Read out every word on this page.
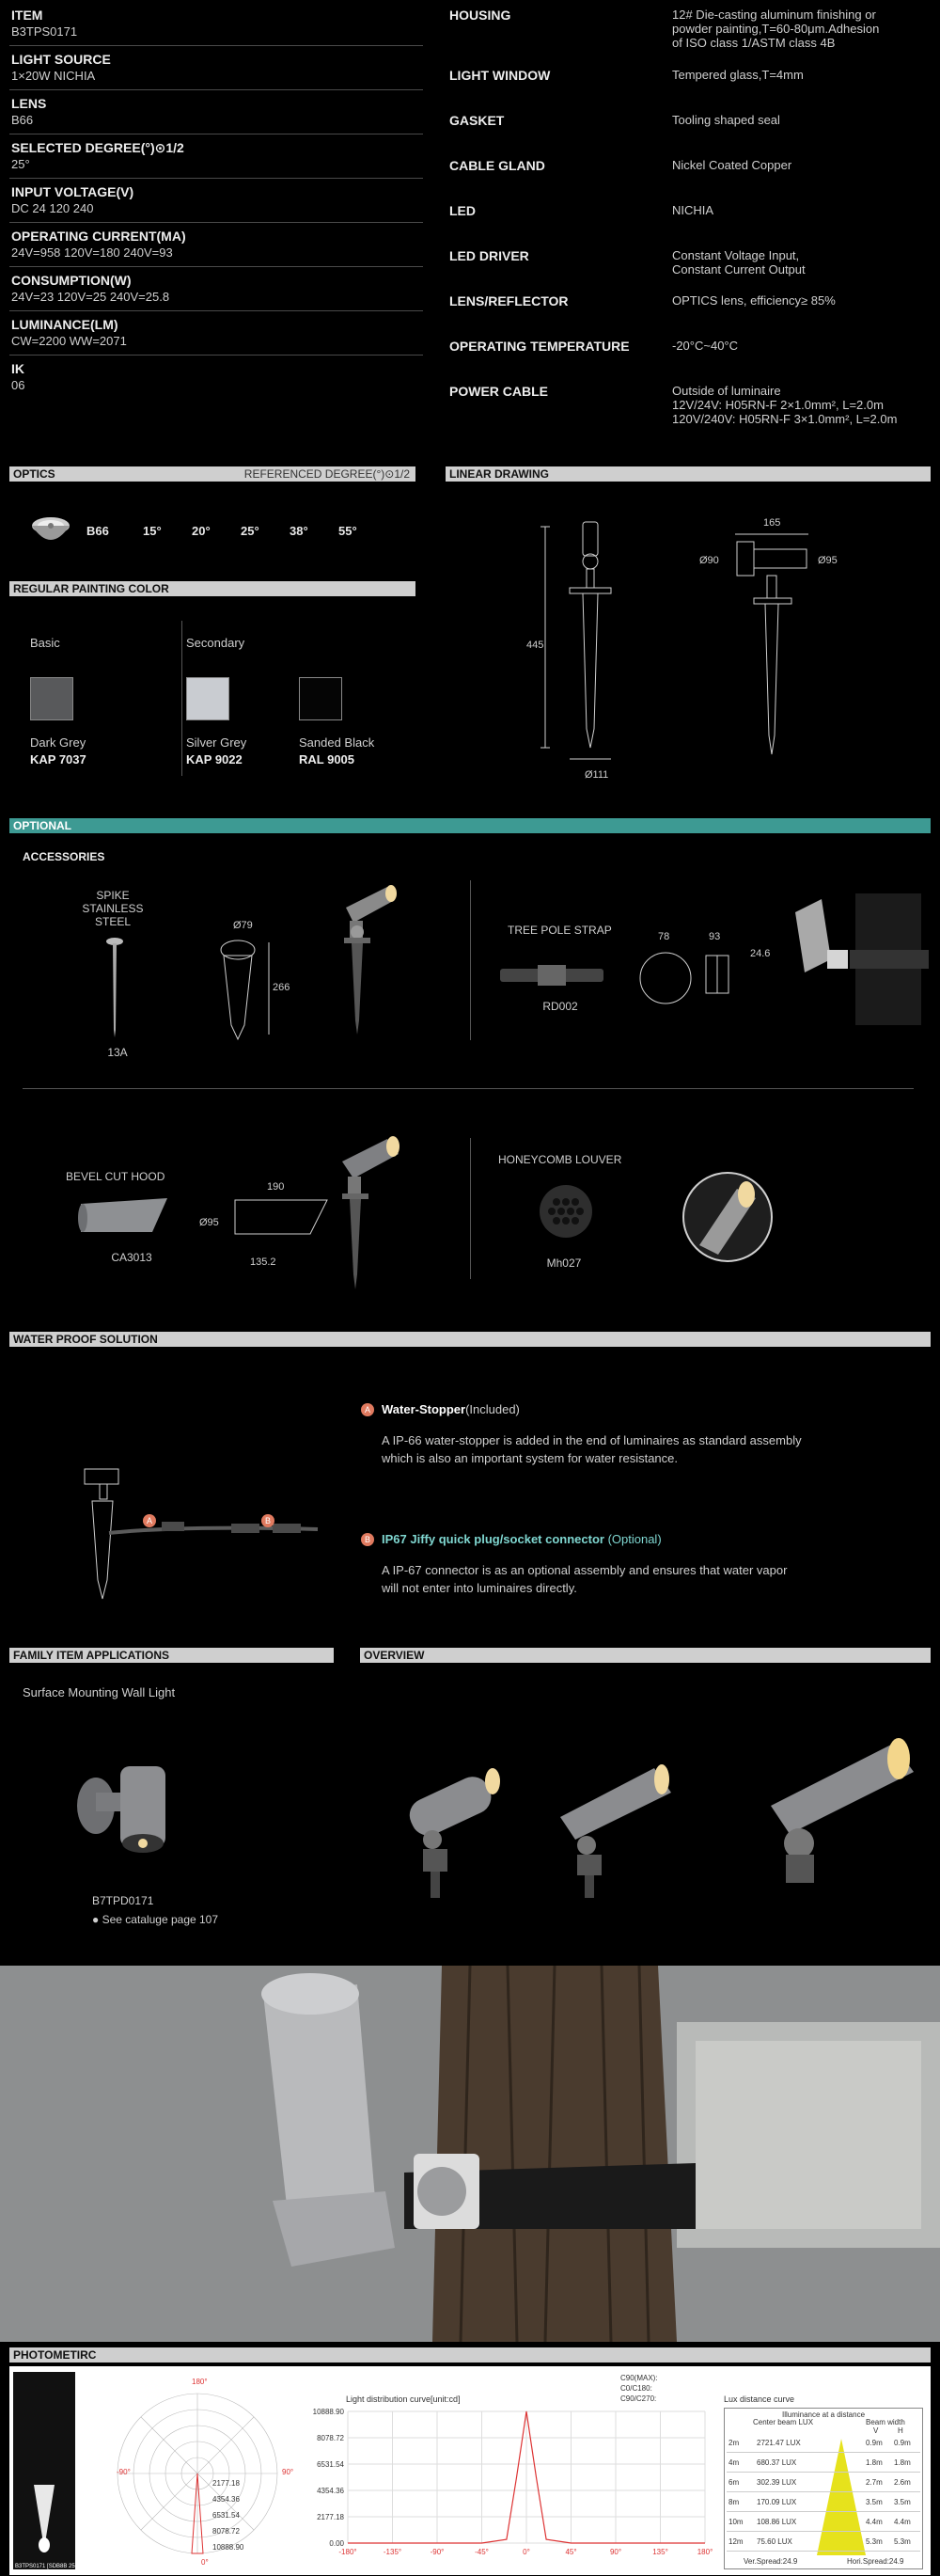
ITEM
B3TPS0171
LIGHT SOURCE
1×20W NICHIA
LENS
B66
SELECTED DEGREE(°)⊙1/2
25°
INPUT VOLTAGE(V)
DC 24 120 240
OPERATING CURRENT(MA)
24V=958 120V=180 240V=93
CONSUMPTION(W)
24V=23 120V=25 240V=25.8
LUMINANCE(LM)
CW=2200 WW=2071
IK
06
HOUSING	12# Die-casting aluminum finishing or
powder painting,T=60-80μm.Adhesion
of ISO class 1/ASTM class 4B
LIGHT WINDOW	Tempered glass,T=4mm
GASKET	Tooling shaped seal
CABLE GLAND	Nickel Coated Copper
LED	NICHIA
LED DRIVER	Constant Voltage Input,
Constant Current Output
LENS/REFLECTOR	OPTICS lens, efficiency≥ 85%
OPERATING TEMPERATURE	-20°C~40°C
POWER CABLE	Outside of luminaire
12V/24V: H05RN-F 2×1.0mm², L=2.0m
120V/240V: H05RN-F 3×1.0mm², L=2.0m
OPTICS	REFERENCED DEGREE(°)⊙1/2
B66	15° 20° 25° 38° 55°
LINEAR DRAWING
445
Ø111
165
Ø90	Ø95
REGULAR PAINTING COLOR
Basic	Secondary
Dark Grey
KAP 7037
Silver Grey
KAP 9022
Sanded Black
RAL 9005
OPTIONAL
ACCESSORIES
SPIKE
STAINLESS STEEL
13A
Ø79
266
TREE POLE STRAP
RD002
78	93
24.6
BEVEL CUT HOOD
CA3013
Ø95
190
135.2
HONEYCOMB LOUVER
Mh027
WATER PROOF SOLUTION
A	B
A Water-Stopper(Included)
A IP-66 water-stopper is added in the end of luminaires as standard assembly
which is also an important system for water resistance.
B IP67 Jiffy quick plug/socket connector (Optional)
A IP-67 connector is as an optional assembly and ensures that water vapor
will not enter into luminaires directly.
FAMILY ITEM APPLICATIONS	OVERVIEW
Surface Mounting Wall Light
B7TPD0171
● See cataluge page 107
PHOTOMETIRC
B3TPS0171 [SDB8B 25°]
180°
-90°	90°
0°
2177.18
4354.36
6531.54
8078.72
10888.90
Light distribution curve[unit:cd]
C90(MAX):
C0/C180:
C90/C270:
-180°	-135°	-90°	-45°	0°	45°	90°	135°	180°
10888.90
8078.72
6531.54
4354.36
2177.18
0.00
Lux distance curve
Illuminance at a distance
Center beam LUX	Beam width
V	H
2m 2721.47 LUX	0.9m 0.9m
4m 680.37 LUX	1.8m 1.8m
6m 302.39 LUX	2.7m 2.6m
8m 170.09 LUX	3.5m 3.5m
10m 108.86 LUX	4.4m 4.4m
12m 75.60 LUX	5.3m 5.3m
Ver.Spread:24.9	Hori.Spread:24.9
